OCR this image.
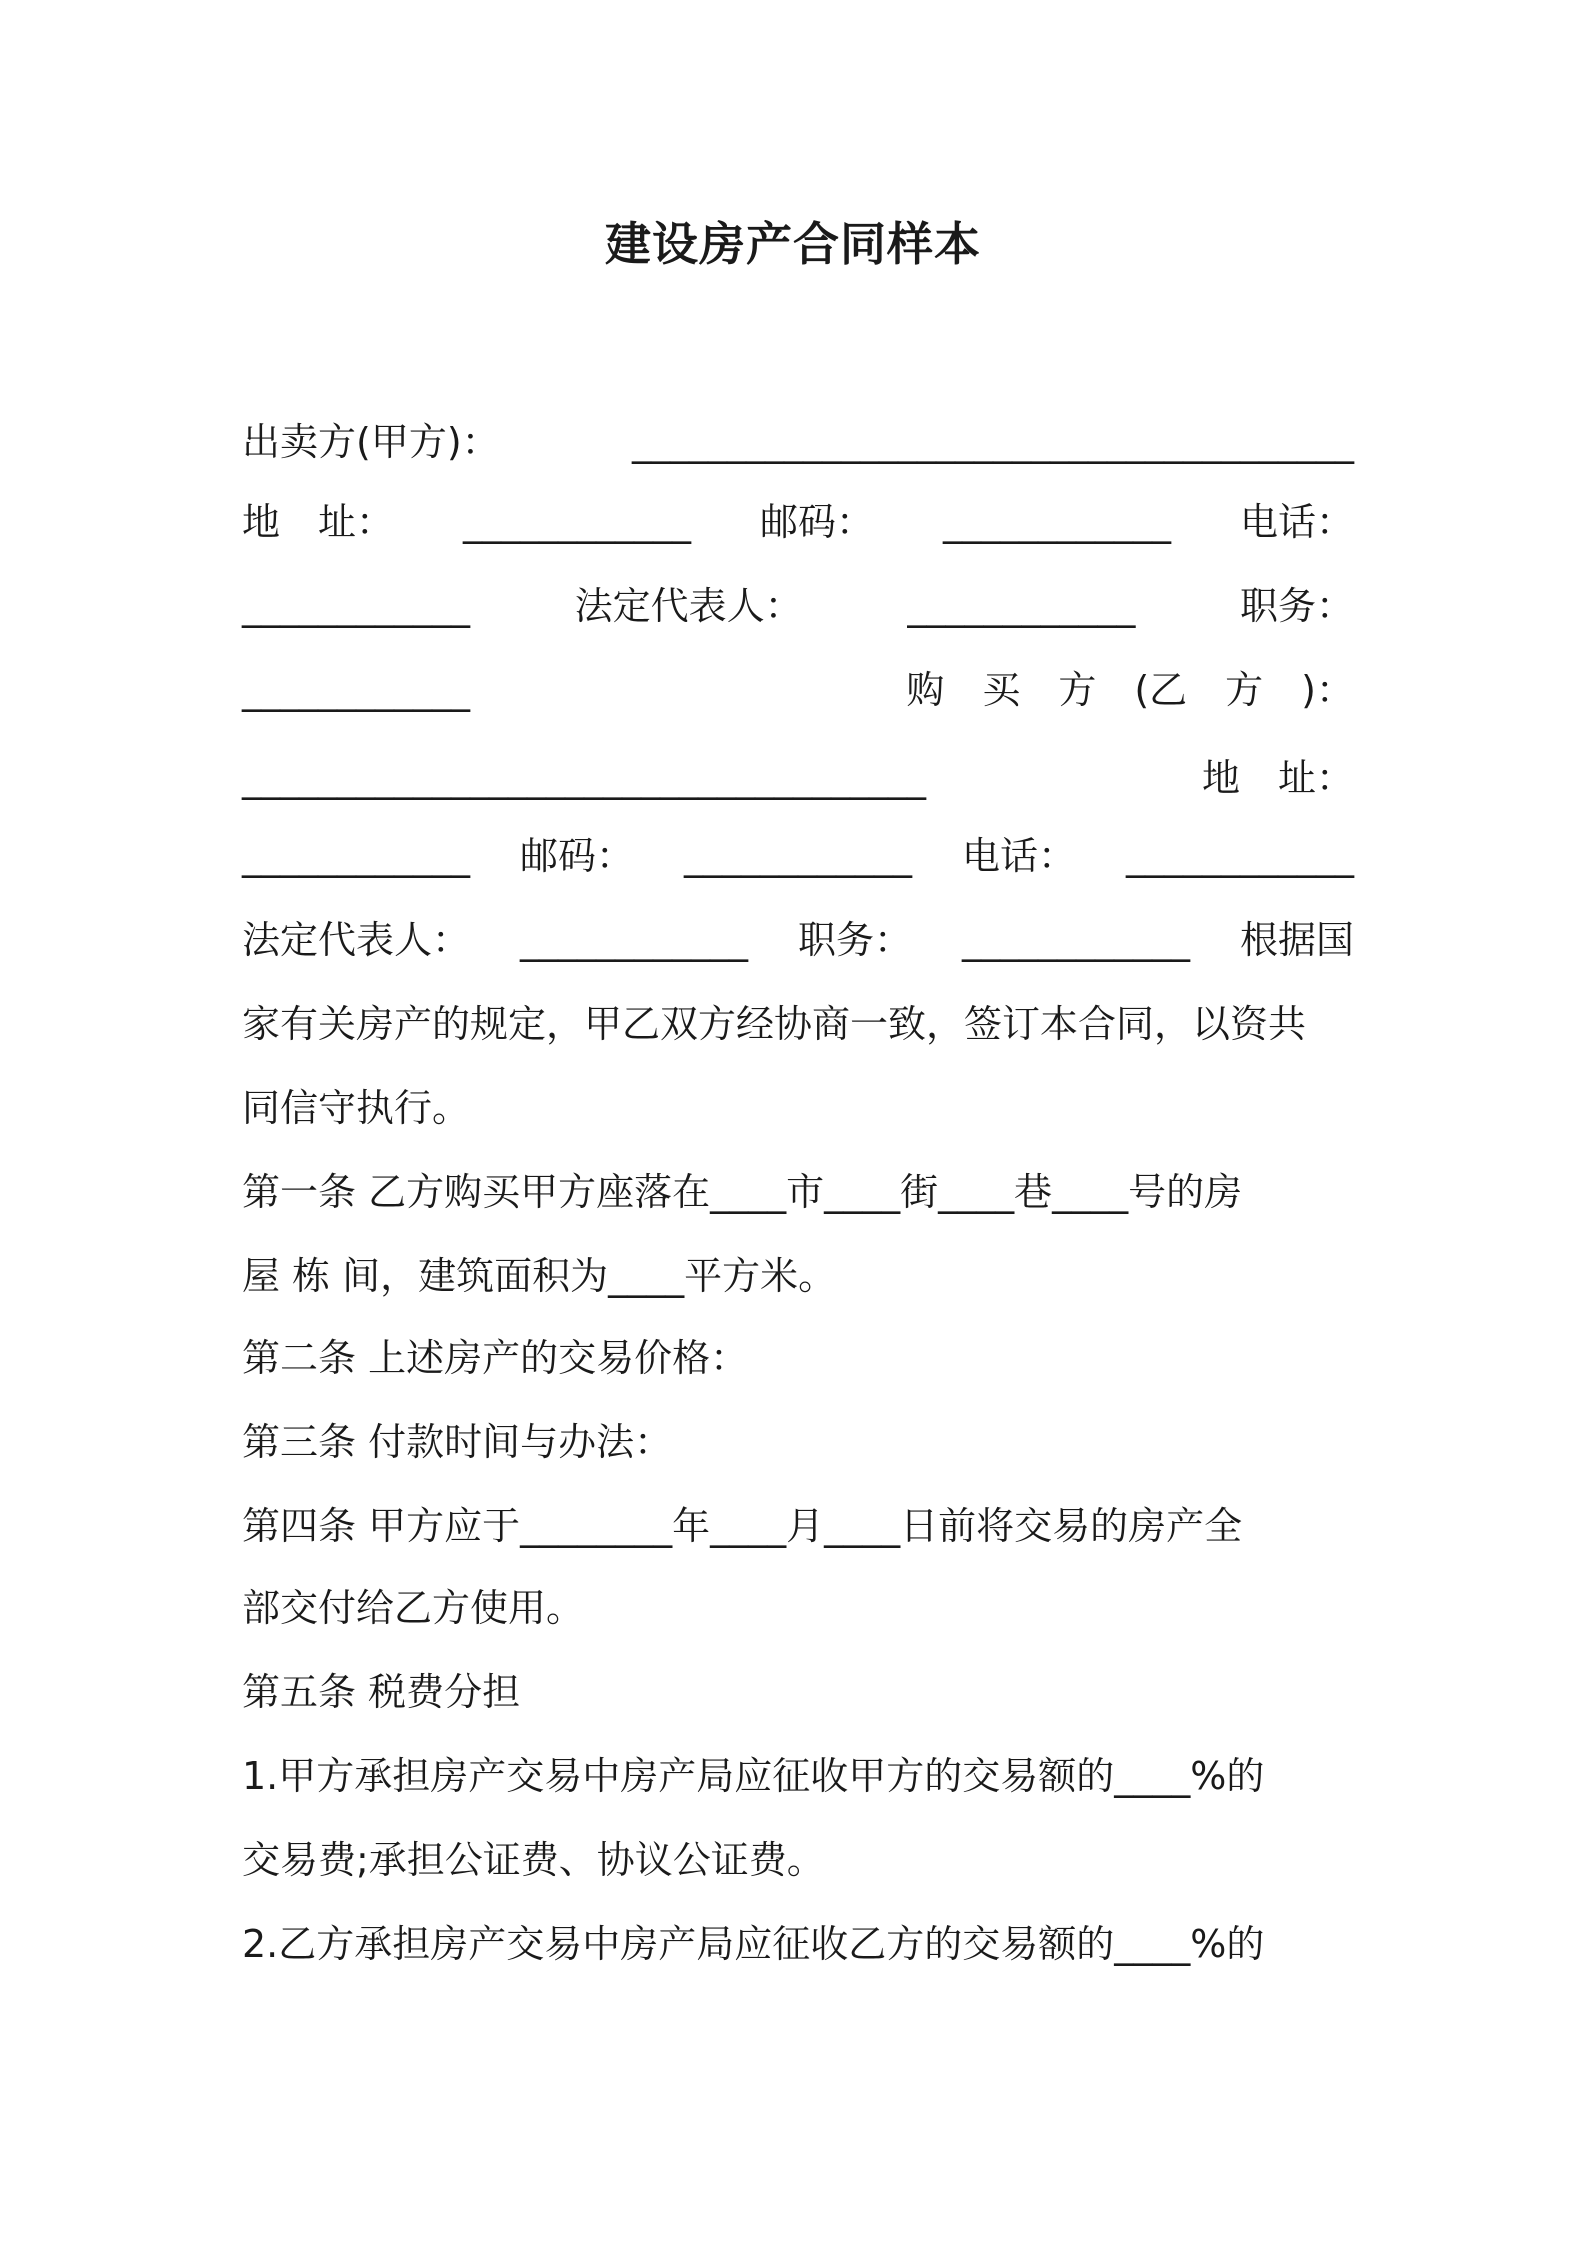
建设房产合同样本
出卖方(甲方)：	______________________________________
地　址： ____________ 邮码： ____________ 电话：
____________	法定代表人：	____________	职务：
____________	购　买　方　(乙　方　)：
____________________________________	地　址：
____________ 邮码： ____________ 电话： ____________
法定代表人： ____________ 职务： ____________ 根据国

家有关房产的规定，甲乙双方经协商一致，签订本合同，以资共

同信守执行。

第一条 乙方购买甲方座落在____市____街____巷____号的房

屋 栋 间，建筑面积为____平方米。

第二条 上述房产的交易价格：

第三条 付款时间与办法：

第四条 甲方应于________年____月____日前将交易的房产全

部交付给乙方使用。

第五条 税费分担

1.甲方承担房产交易中房产局应征收甲方的交易额的____%的

交易费;承担公证费、协议公证费。

2.乙方承担房产交易中房产局应征收乙方的交易额的____%的
